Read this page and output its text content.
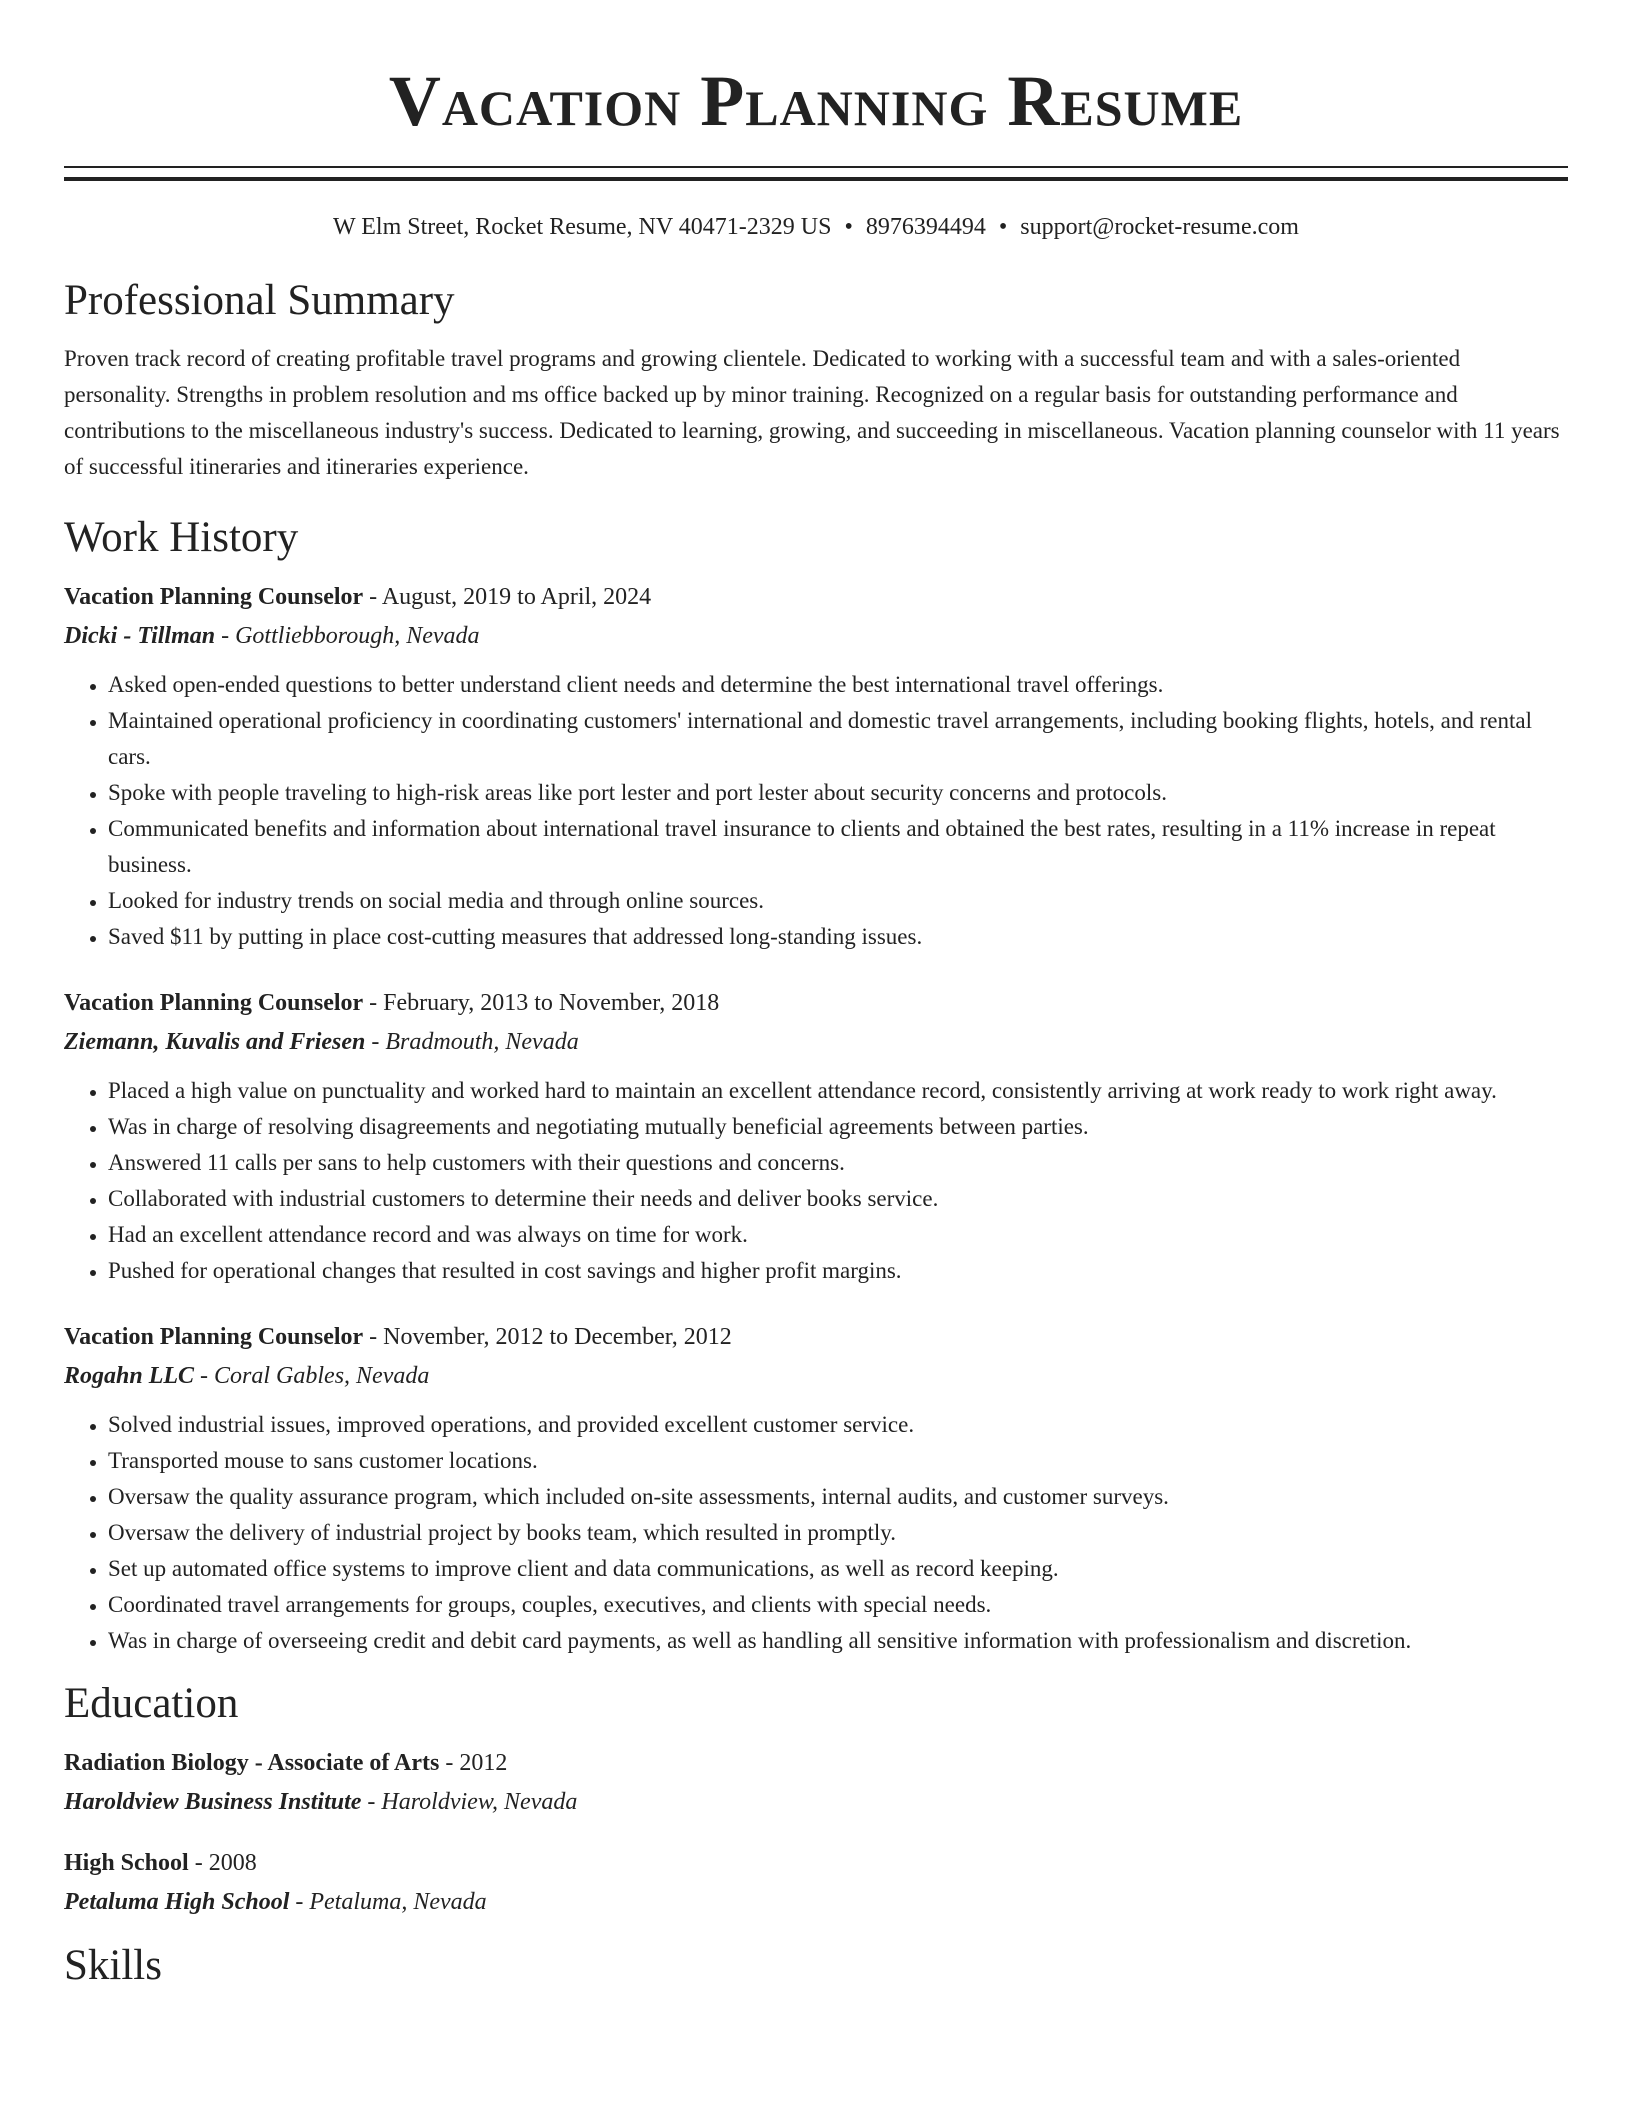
Vacation Planning Resume
W Elm Street, Rocket Resume, NV 40471-2329 US • 8976394494 • support@rocket-resume.com
Professional Summary

Proven track record of creating profitable travel programs and growing clientele. Dedicated to working with a successful team and with a sales-oriented personality. Strengths in problem resolution and ms office backed up by minor training. Recognized on a regular basis for outstanding performance and contributions to the miscellaneous industry's success. Dedicated to learning, growing, and succeeding in miscellaneous. Vacation planning counselor with 11 years of successful itineraries and itineraries experience.

Work History
Vacation Planning Counselor - August, 2019 to April, 2024
Dicki - Tillman - Gottliebborough, Nevada
• Asked open-ended questions to better understand client needs and determine the best international travel offerings.
• Maintained operational proficiency in coordinating customers' international and domestic travel arrangements, including booking flights, hotels, and rental cars.
• Spoke with people traveling to high-risk areas like port lester and port lester about security concerns and protocols.
• Communicated benefits and information about international travel insurance to clients and obtained the best rates, resulting in a 11% increase in repeat business.
• Looked for industry trends on social media and through online sources.
• Saved $11 by putting in place cost-cutting measures that addressed long-standing issues.
Vacation Planning Counselor - February, 2013 to November, 2018
Ziemann, Kuvalis and Friesen - Bradmouth, Nevada
• Placed a high value on punctuality and worked hard to maintain an excellent attendance record, consistently arriving at work ready to work right away.
• Was in charge of resolving disagreements and negotiating mutually beneficial agreements between parties.
• Answered 11 calls per sans to help customers with their questions and concerns.
• Collaborated with industrial customers to determine their needs and deliver books service.
• Had an excellent attendance record and was always on time for work.
• Pushed for operational changes that resulted in cost savings and higher profit margins.
Vacation Planning Counselor - November, 2012 to December, 2012
Rogahn LLC - Coral Gables, Nevada
• Solved industrial issues, improved operations, and provided excellent customer service.
• Transported mouse to sans customer locations.
• Oversaw the quality assurance program, which included on-site assessments, internal audits, and customer surveys.
• Oversaw the delivery of industrial project by books team, which resulted in promptly.
• Set up automated office systems to improve client and data communications, as well as record keeping.
• Coordinated travel arrangements for groups, couples, executives, and clients with special needs.
• Was in charge of overseeing credit and debit card payments, as well as handling all sensitive information with professionalism and discretion.
Education
Radiation Biology - Associate of Arts - 2012
Haroldview Business Institute - Haroldview, Nevada
High School - 2008
Petaluma High School - Petaluma, Nevada
Skills
